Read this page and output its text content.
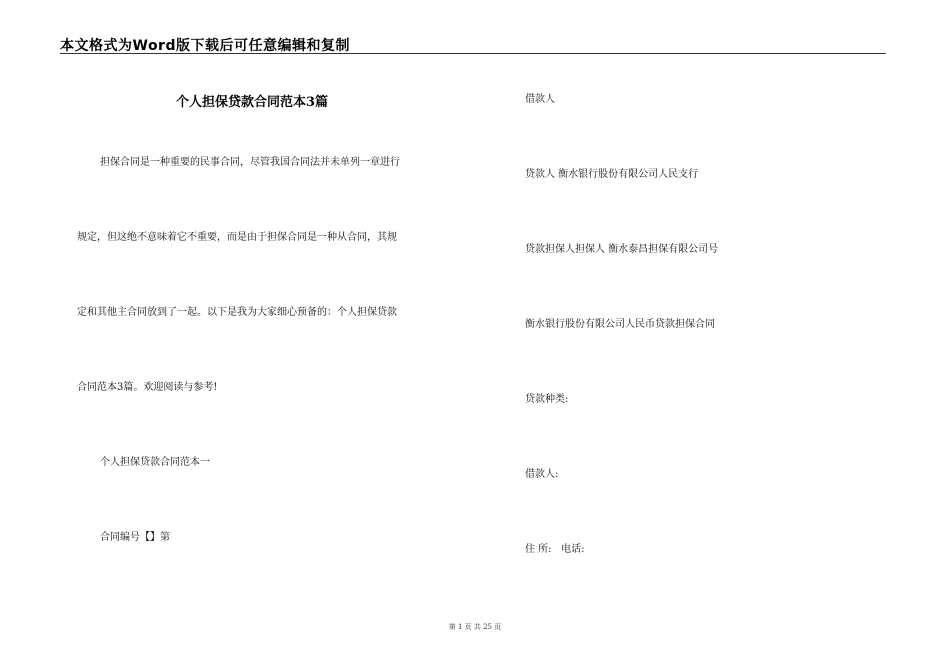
本文格式为Word版下载后可任意编辑和复制
个人担保贷款合同范本3篇
担保合同是一种重要的民事合同，尽管我国合同法并未单列一章进行
规定，但这绝不意味着它不重要，而是由于担保合同是一种从合同，其规
定和其他主合同放到了一起。以下是我为大家细心预备的：个人担保贷款
合同范本3篇。欢迎阅读与参考!
个人担保贷款合同范本一
合同编号【】第
借款人
贷款人 衡水银行股份有限公司人民支行
贷款担保人担保人 衡水泰昌担保有限公司号
衡水银行股份有限公司人民币贷款担保合同
贷款种类:
借款人:
住 所:   电话:
第 1 页 共 25 页
